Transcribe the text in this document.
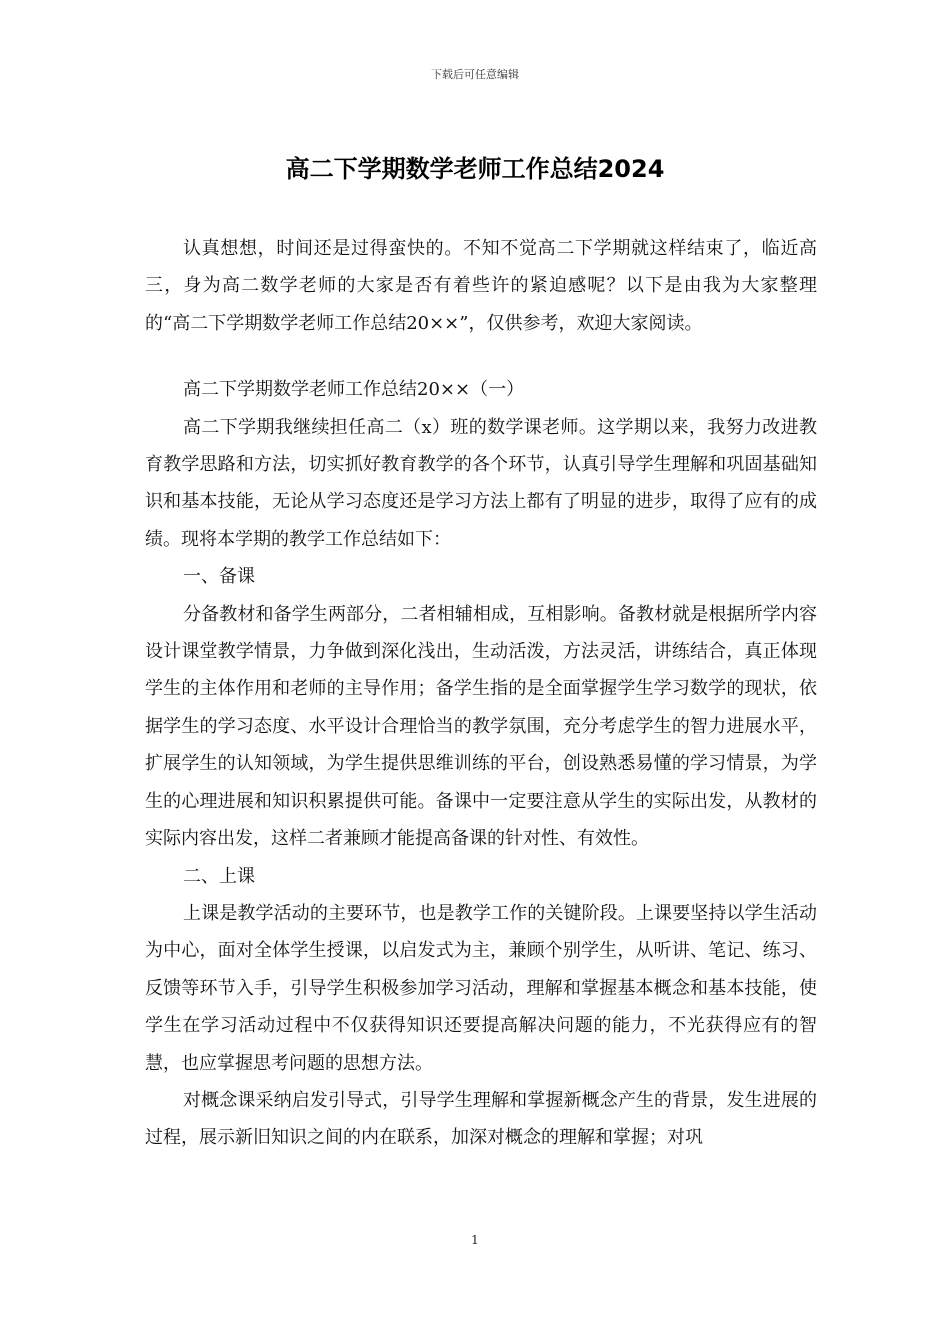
下载后可任意编辑
高二下学期数学老师工作总结2024

认真想想，时间还是过得蛮快的。不知不觉高二下学期就这样结束了，临近高三，身为高二数学老师的大家是否有着些许的紧迫感呢？以下是由我为大家整理的“高二下学期数学老师工作总结20××”，仅供参考，欢迎大家阅读。

高二下学期数学老师工作总结20××（一）

高二下学期我继续担任高二（x）班的数学课老师。这学期以来，我努力改进教育教学思路和方法，切实抓好教育教学的各个环节，认真引导学生理解和巩固基础知识和基本技能，无论从学习态度还是学习方法上都有了明显的进步，取得了应有的成绩。现将本学期的教学工作总结如下：

一、备课

分备教材和备学生两部分，二者相辅相成，互相影响。备教材就是根据所学内容设计课堂教学情景，力争做到深化浅出，生动活泼，方法灵活，讲练结合，真正体现学生的主体作用和老师的主导作用；备学生指的是全面掌握学生学习数学的现状，依据学生的学习态度、水平设计合理恰当的教学氛围，充分考虑学生的智力进展水平，扩展学生的认知领域，为学生提供思维训练的平台，创设熟悉易懂的学习情景，为学生的心理进展和知识积累提供可能。备课中一定要注意从学生的实际出发，从教材的实际内容出发，这样二者兼顾才能提高备课的针对性、有效性。

二、上课

上课是教学活动的主要环节，也是教学工作的关键阶段。上课要坚持以学生活动为中心，面对全体学生授课，以启发式为主，兼顾个别学生，从听讲、笔记、练习、反馈等环节入手，引导学生积极参加学习活动，理解和掌握基本概念和基本技能，使学生在学习活动过程中不仅获得知识还要提高解决问题的能力，不光获得应有的智慧，也应掌握思考问题的思想方法。

对概念课采纳启发引导式，引导学生理解和掌握新概念产生的背景，发生进展的过程，展示新旧知识之间的内在联系，加深对概念的理解和掌握；对巩

1
